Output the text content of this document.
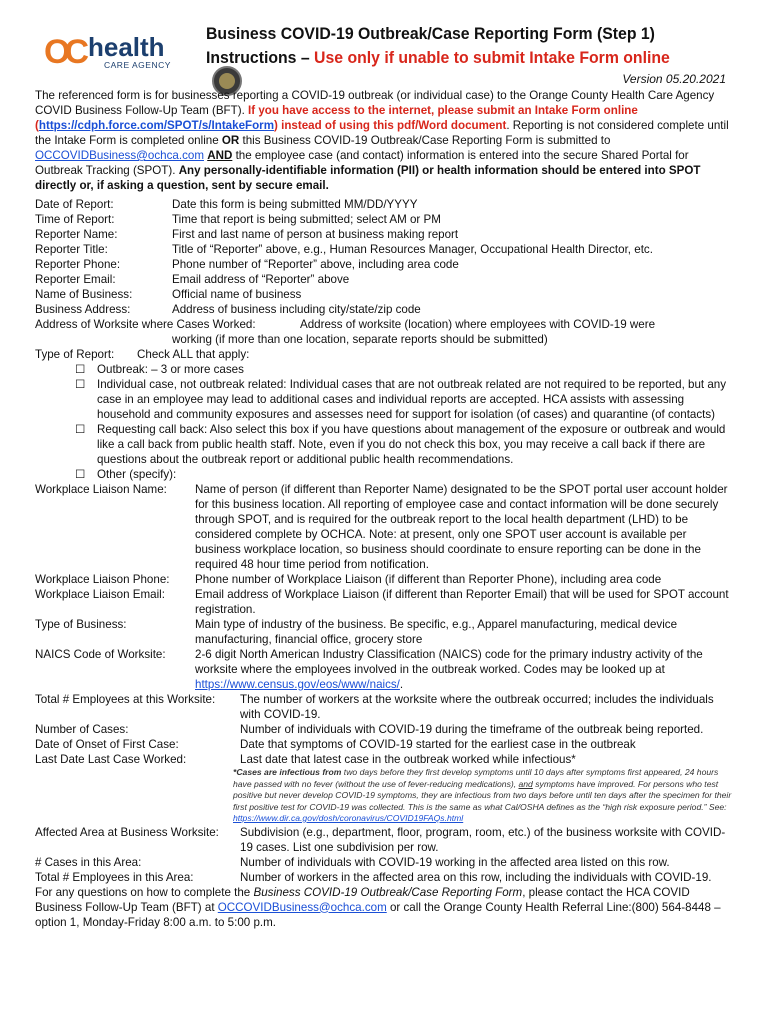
OC health
CARE AGENCY
Business COVID-19 Outbreak/Case Reporting Form (Step 1)
Instructions – Use only if unable to submit Intake Form online
Version 05.20.2021

The referenced form is for businesses reporting a COVID-19 outbreak (or individual case) to the Orange County Health Care Agency COVID Business Follow-Up Team (BFT). If you have access to the internet, please submit an Intake Form online (https://cdph.force.com/SPOT/s/IntakeForm) instead of using this pdf/Word document. Reporting is not considered complete until the Intake Form is completed online OR this Business COVID-19 Outbreak/Case Reporting Form is submitted to OCCOVIDBusiness@ochca.com AND the employee case (and contact) information is entered into the secure Shared Portal for Outbreak Tracking (SPOT). Any personally-identifiable information (PII) or health information should be entered into SPOT directly or, if asking a question, sent by secure email.

Date of Report:	Date this form is being submitted MM/DD/YYYY
Time of Report:	Time that report is being submitted; select AM or PM
Reporter Name:	First and last name of person at business making report
Reporter Title:	Title of “Reporter” above, e.g., Human Resources Manager, Occupational Health Director, etc.
Reporter Phone:	Phone number of “Reporter” above, including area code
Reporter Email:	Email address of “Reporter” above
Name of Business:	Official name of business
Business Address:	Address of business including city/state/zip code
Address of Worksite where Cases Worked:	Address of worksite (location) where employees with COVID-19 were
working (if more than one location, separate reports should be submitted)
Type of Report:	Check ALL that apply:
☐ Outbreak: – 3 or more cases
☐ Individual case, not outbreak related: Individual cases that are not outbreak related are not required to be reported, but any case in an employee may lead to additional cases and individual reports are accepted. HCA assists with assessing household and community exposures and assesses need for support for isolation (of cases) and quarantine (of contacts)
☐ Requesting call back: Also select this box if you have questions about management of the exposure or outbreak and would like a call back from public health staff. Note, even if you do not check this box, you may receive a call back if there are questions about the outbreak report or additional public health recommendations.
☐ Other (specify):
Workplace Liaison Name:	Name of person (if different than Reporter Name) designated to be the SPOT portal user account holder for this business location. All reporting of employee case and contact information will be done securely through SPOT, and is required for the outbreak report to the local health department (LHD) to be considered complete by OCHCA. Note: at present, only one SPOT user account is available per business workplace location, so business should coordinate to ensure reporting can be done in the required 48 hour time period from notification.
Workplace Liaison Phone:	Phone number of Workplace Liaison (if different than Reporter Phone), including area code
Workplace Liaison Email:	Email address of Workplace Liaison (if different than Reporter Email) that will be used for SPOT account registration.
Type of Business:	Main type of industry of the business. Be specific, e.g., Apparel manufacturing, medical device manufacturing, financial office, grocery store
NAICS Code of Worksite:	2-6 digit North American Industry Classification (NAICS) code for the primary industry activity of the worksite where the employees involved in the outbreak worked. Codes may be looked up at https://www.census.gov/eos/www/naics/.
Total # Employees at this Worksite:	The number of workers at the worksite where the outbreak occurred; includes the individuals with COVID-19.
Number of Cases:	Number of individuals with COVID-19 during the timeframe of the outbreak being reported.
Date of Onset of First Case:	Date that symptoms of COVID-19 started for the earliest case in the outbreak
Last Date Last Case Worked:	Last date that latest case in the outbreak worked while infectious*
*Cases are infectious from two days before they first develop symptoms until 10 days after symptoms first appeared, 24 hours have passed with no fever (without the use of fever-reducing medications), and symptoms have improved. For persons who test positive but never develop COVID-19 symptoms, they are infectious from two days before until ten days after the specimen for their first positive test for COVID-19 was collected. This is the same as what Cal/OSHA defines as the “high risk exposure period.” See: https://www.dir.ca.gov/dosh/coronavirus/COVID19FAQs.html
Affected Area at Business Worksite:	Subdivision (e.g., department, floor, program, room, etc.) of the business worksite with COVID-19 cases. List one subdivision per row.
# Cases in this Area:	Number of individuals with COVID-19 working in the affected area listed on this row.
Total # Employees in this Area:	Number of workers in the affected area on this row, including the individuals with COVID-19.

For any questions on how to complete the Business COVID-19 Outbreak/Case Reporting Form, please contact the HCA COVID Business Follow-Up Team (BFT) at OCCOVIDBusiness@ochca.com or call the Orange County Health Referral Line:(800) 564-8448 – option 1, Monday-Friday 8:00 a.m. to 5:00 p.m.
